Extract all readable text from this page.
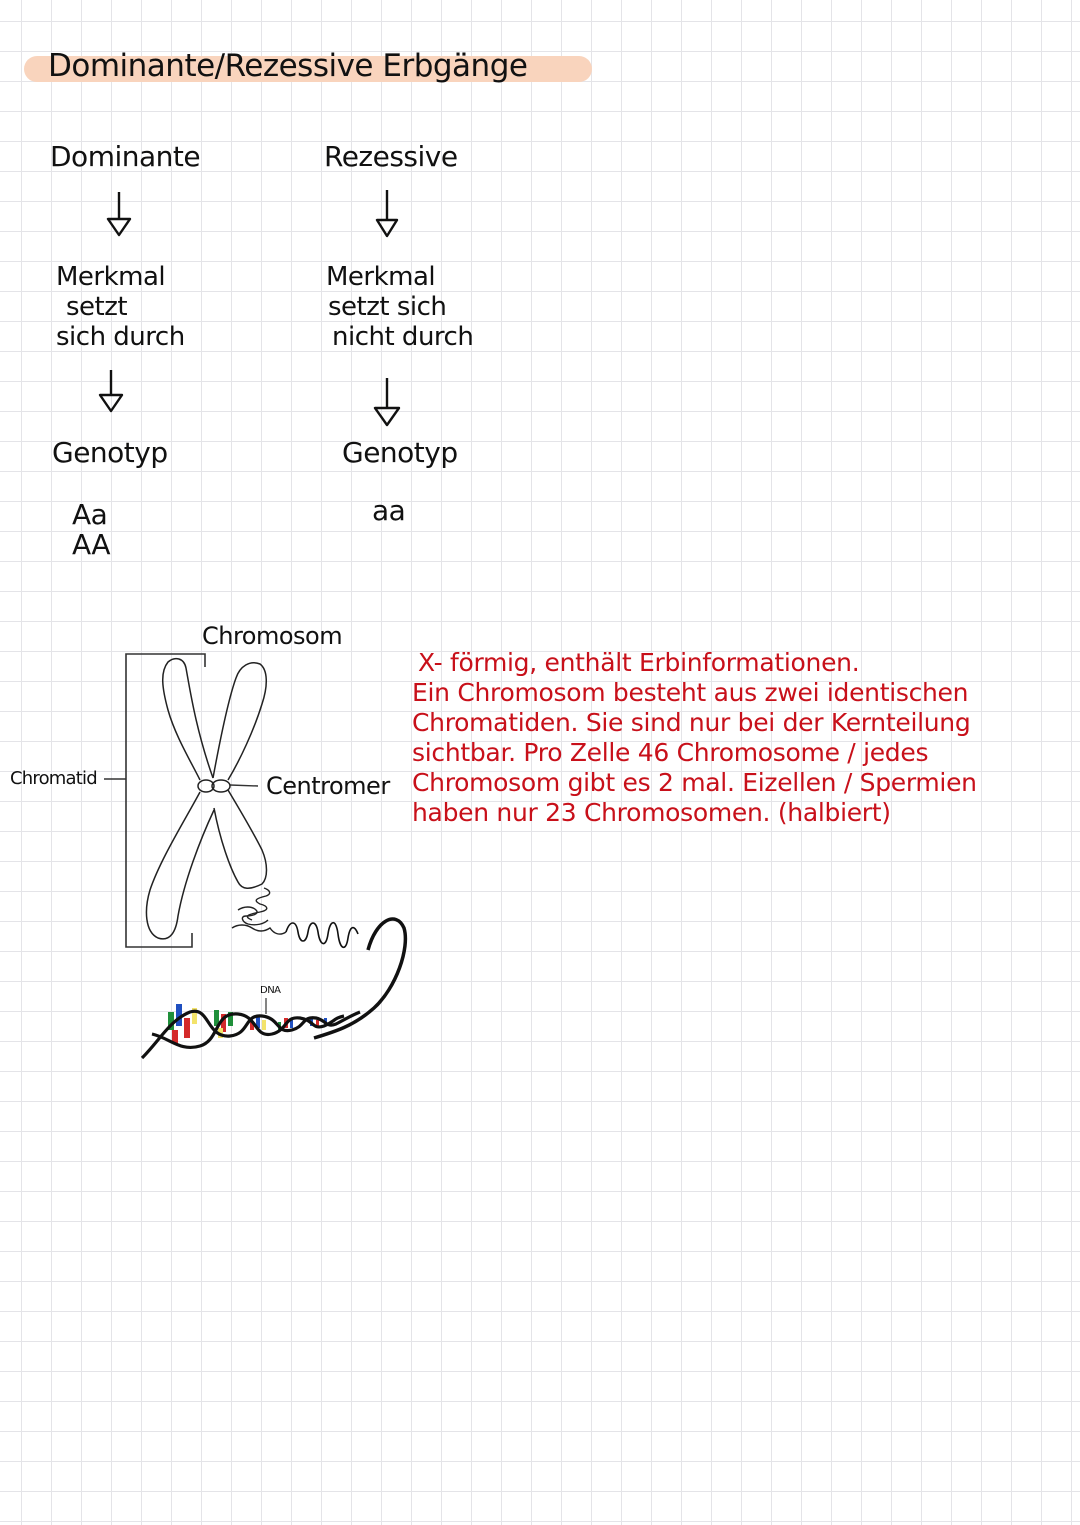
Dominante/Rezessive Erbgänge
Dominante
Merkmal
setzt
sich durch
Genotyp
Aa
AA
Rezessive
Merkmal
setzt sich
nicht durch
Genotyp
aa
Chromosom
Chromatid	Centromer
DNA
X- förmig, enthält Erbinformationen.
Ein Chromosom besteht aus zwei identischen
Chromatiden. Sie sind nur bei der Kernteilung
sichtbar. Pro Zelle 46 Chromosome / jedes
Chromosom gibt es 2 mal. Eizellen / Spermien
haben nur 23 Chromosomen. (halbiert)
